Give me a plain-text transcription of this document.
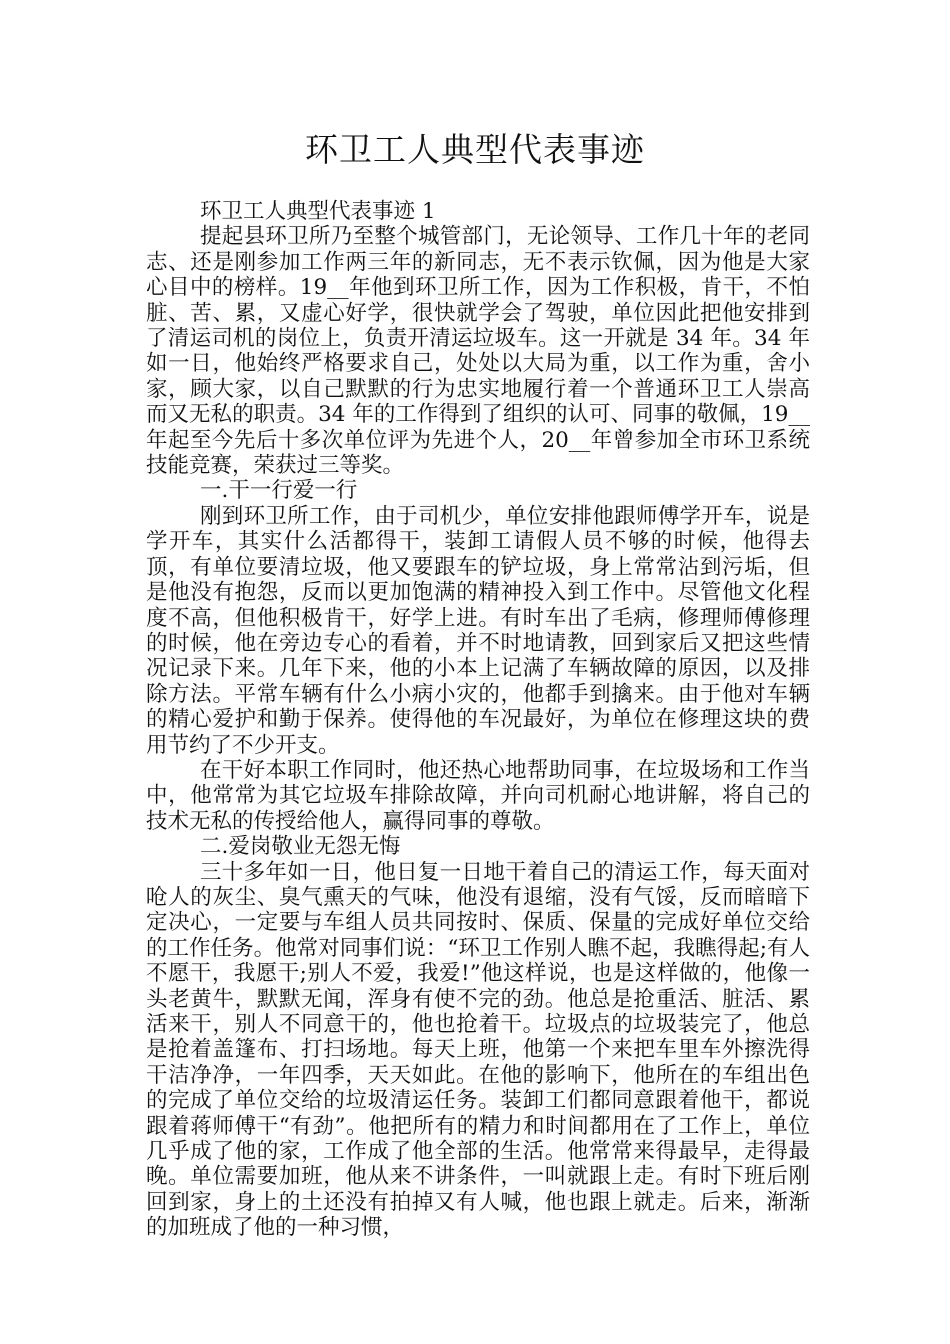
环卫工人典型代表事迹

环卫工人典型代表事迹 1

提起县环卫所乃至整个城管部门，无论领导、工作几十年的老同志、还是刚参加工作两三年的新同志，无不表示钦佩，因为他是大家心目中的榜样。19__年他到环卫所工作，因为工作积极，肯干，不怕脏、苦、累，又虚心好学，很快就学会了驾驶，单位因此把他安排到了清运司机的岗位上，负责开清运垃圾车。这一开就是 34 年。34 年如一日，他始终严格要求自己，处处以大局为重，以工作为重，舍小家，顾大家，以自己默默的行为忠实地履行着一个普通环卫工人崇高而又无私的职责。34 年的工作得到了组织的认可、同事的敬佩，19__年起至今先后十多次单位评为先进个人，20__年曾参加全市环卫系统技能竞赛，荣获过三等奖。

一.干一行爱一行

刚到环卫所工作，由于司机少，单位安排他跟师傅学开车，说是学开车，其实什么活都得干，装卸工请假人员不够的时候，他得去顶，有单位要清垃圾，他又要跟车的铲垃圾，身上常常沾到污垢，但是他没有抱怨，反而以更加饱满的精神投入到工作中。尽管他文化程度不高，但他积极肯干，好学上进。有时车出了毛病，修理师傅修理的时候，他在旁边专心的看着，并不时地请教，回到家后又把这些情况记录下来。几年下来，他的小本上记满了车辆故障的原因，以及排除方法。平常车辆有什么小病小灾的，他都手到擒来。由于他对车辆的精心爱护和勤于保养。使得他的车况最好，为单位在修理这块的费用节约了不少开支。

在干好本职工作同时，他还热心地帮助同事，在垃圾场和工作当中，他常常为其它垃圾车排除故障，并向司机耐心地讲解，将自己的技术无私的传授给他人，赢得同事的尊敬。

二.爱岗敬业无怨无悔

三十多年如一日，他日复一日地干着自己的清运工作，每天面对呛人的灰尘、臭气熏天的气味，他没有退缩，没有气馁，反而暗暗下定决心，一定要与车组人员共同按时、保质、保量的完成好单位交给的工作任务。他常对同事们说：“环卫工作别人瞧不起，我瞧得起;有人不愿干，我愿干;别人不爱，我爱!”他这样说，也是这样做的，他像一头老黄牛，默默无闻，浑身有使不完的劲。他总是抢重活、脏活、累活来干，别人不同意干的，他也抢着干。垃圾点的垃圾装完了，他总是抢着盖篷布、打扫场地。每天上班，他第一个来把车里车外擦洗得干洁净净，一年四季，天天如此。在他的影响下，他所在的车组出色的完成了单位交给的垃圾清运任务。装卸工们都同意跟着他干，都说跟着蒋师傅干“有劲”。他把所有的精力和时间都用在了工作上，单位几乎成了他的家，工作成了他全部的生活。他常常来得最早，走得最晚。单位需要加班，他从来不讲条件，一叫就跟上走。有时下班后刚回到家，身上的土还没有拍掉又有人喊，他也跟上就走。后来，渐渐的加班成了他的一种习惯，
